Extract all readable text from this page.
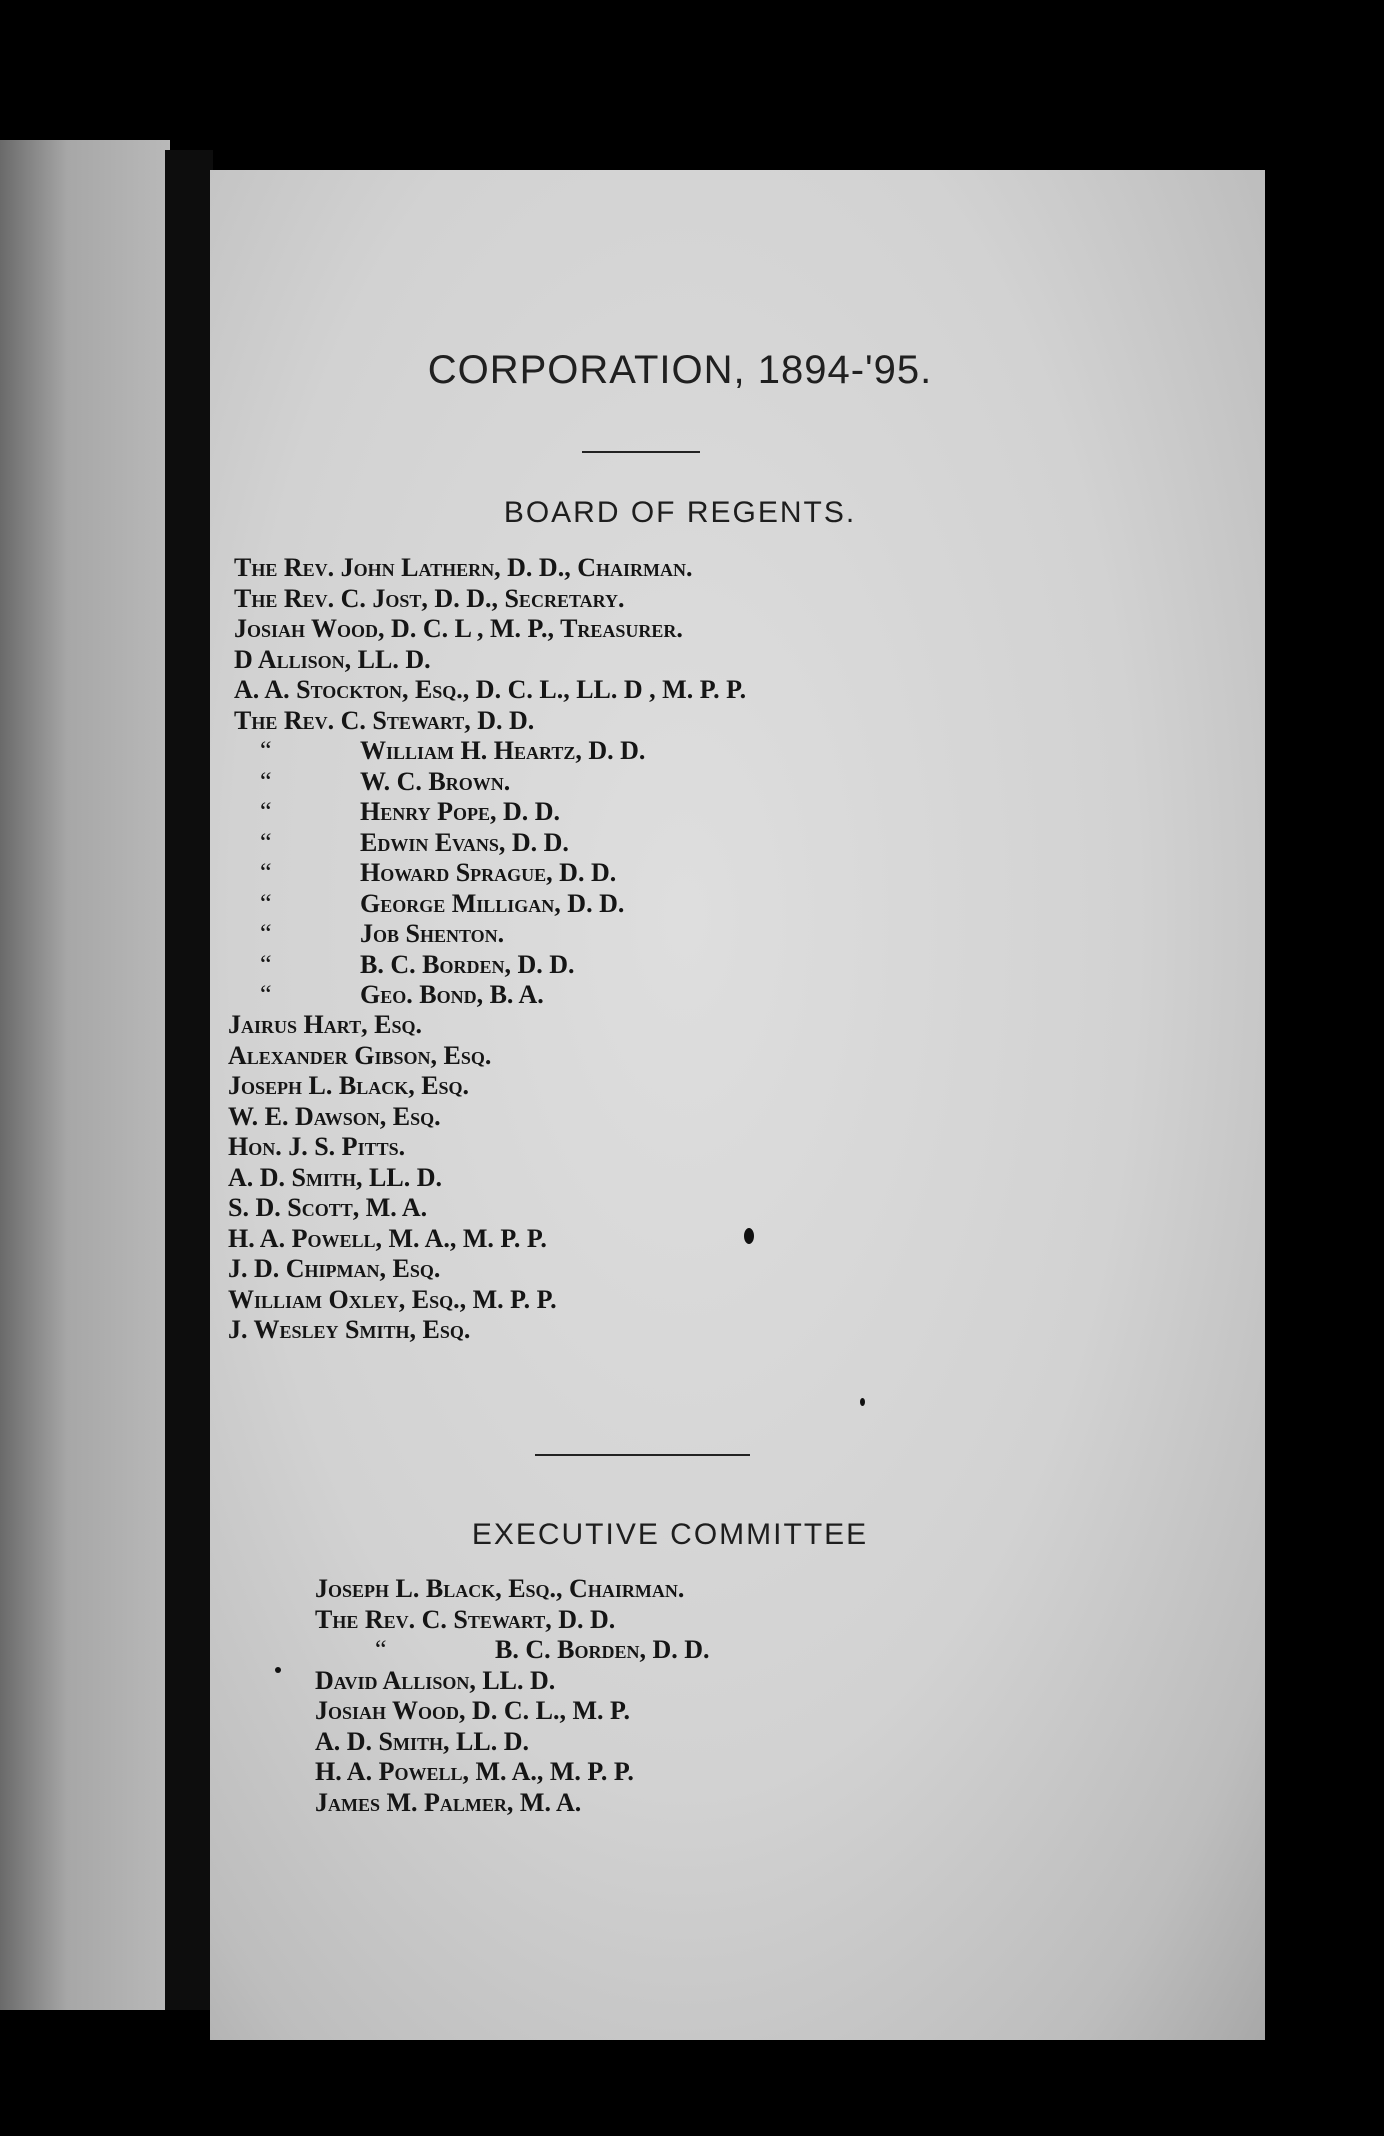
CORPORATION, 1894-'95.
BOARD OF REGENTS.
The Rev. John Lathern, D. D., Chairman.
The Rev. C. Jost, D. D., Secretary.
Josiah Wood, D. C. L , M. P., Treasurer.
D Allison, LL. D.
A. A. Stockton, Esq., D. C. L., LL. D , M. P. P.
The Rev. C. Stewart, D. D.
“	William H. Heartz, D. D.
“	W. C. Brown.
“	Henry Pope, D. D.
“	Edwin Evans, D. D.
“	Howard Sprague, D. D.
“	George Milligan, D. D.
“	Job Shenton.
“	B. C. Borden, D. D.
“	Geo. Bond, B. A.
Jairus Hart, Esq.
Alexander Gibson, Esq.
Joseph L. Black, Esq.
W. E. Dawson, Esq.
Hon. J. S. Pitts.
A. D. Smith, LL. D.
S. D. Scott, M. A.
H. A. Powell, M. A., M. P. P.
J. D. Chipman, Esq.
William Oxley, Esq., M. P. P.
J. Wesley Smith, Esq.
EXECUTIVE COMMITTEE
Joseph L. Black, Esq., Chairman.
The Rev. C. Stewart, D. D.
“	B. C. Borden, D. D.
David Allison, LL. D.
Josiah Wood, D. C. L., M. P.
A. D. Smith, LL. D.
H. A. Powell, M. A., M. P. P.
James M. Palmer, M. A.
